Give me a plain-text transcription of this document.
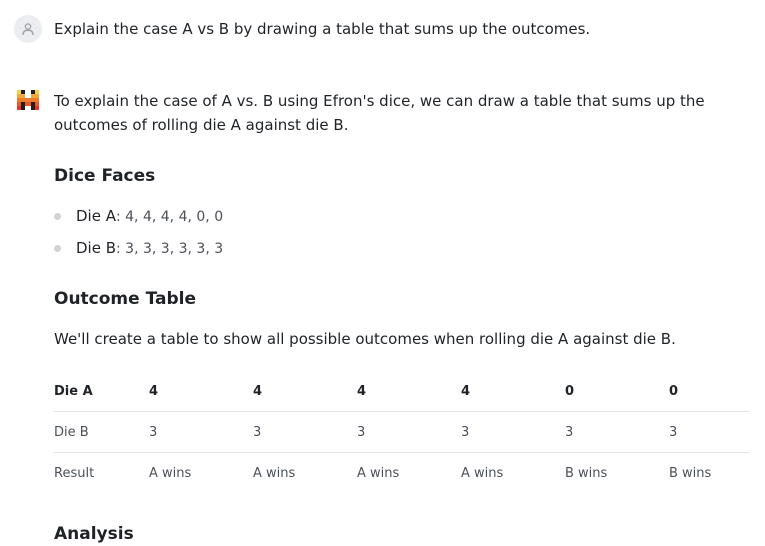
Explain the case A vs B by drawing a table that sums up the outcomes.

To explain the case of A vs. B using Efron's dice, we can draw a table that sums up the outcomes of rolling die A against die B.

Dice Faces
Die A: 4, 4, 4, 4, 0, 0
Die B: 3, 3, 3, 3, 3, 3
Outcome Table

We'll create a table to show all possible outcomes when rolling die A against die B.

Die A	4	4	4	4	0	0
Die B	3	3	3	3	3	3
Result	A wins	A wins	A wins	A wins	B wins	B wins
Analysis
